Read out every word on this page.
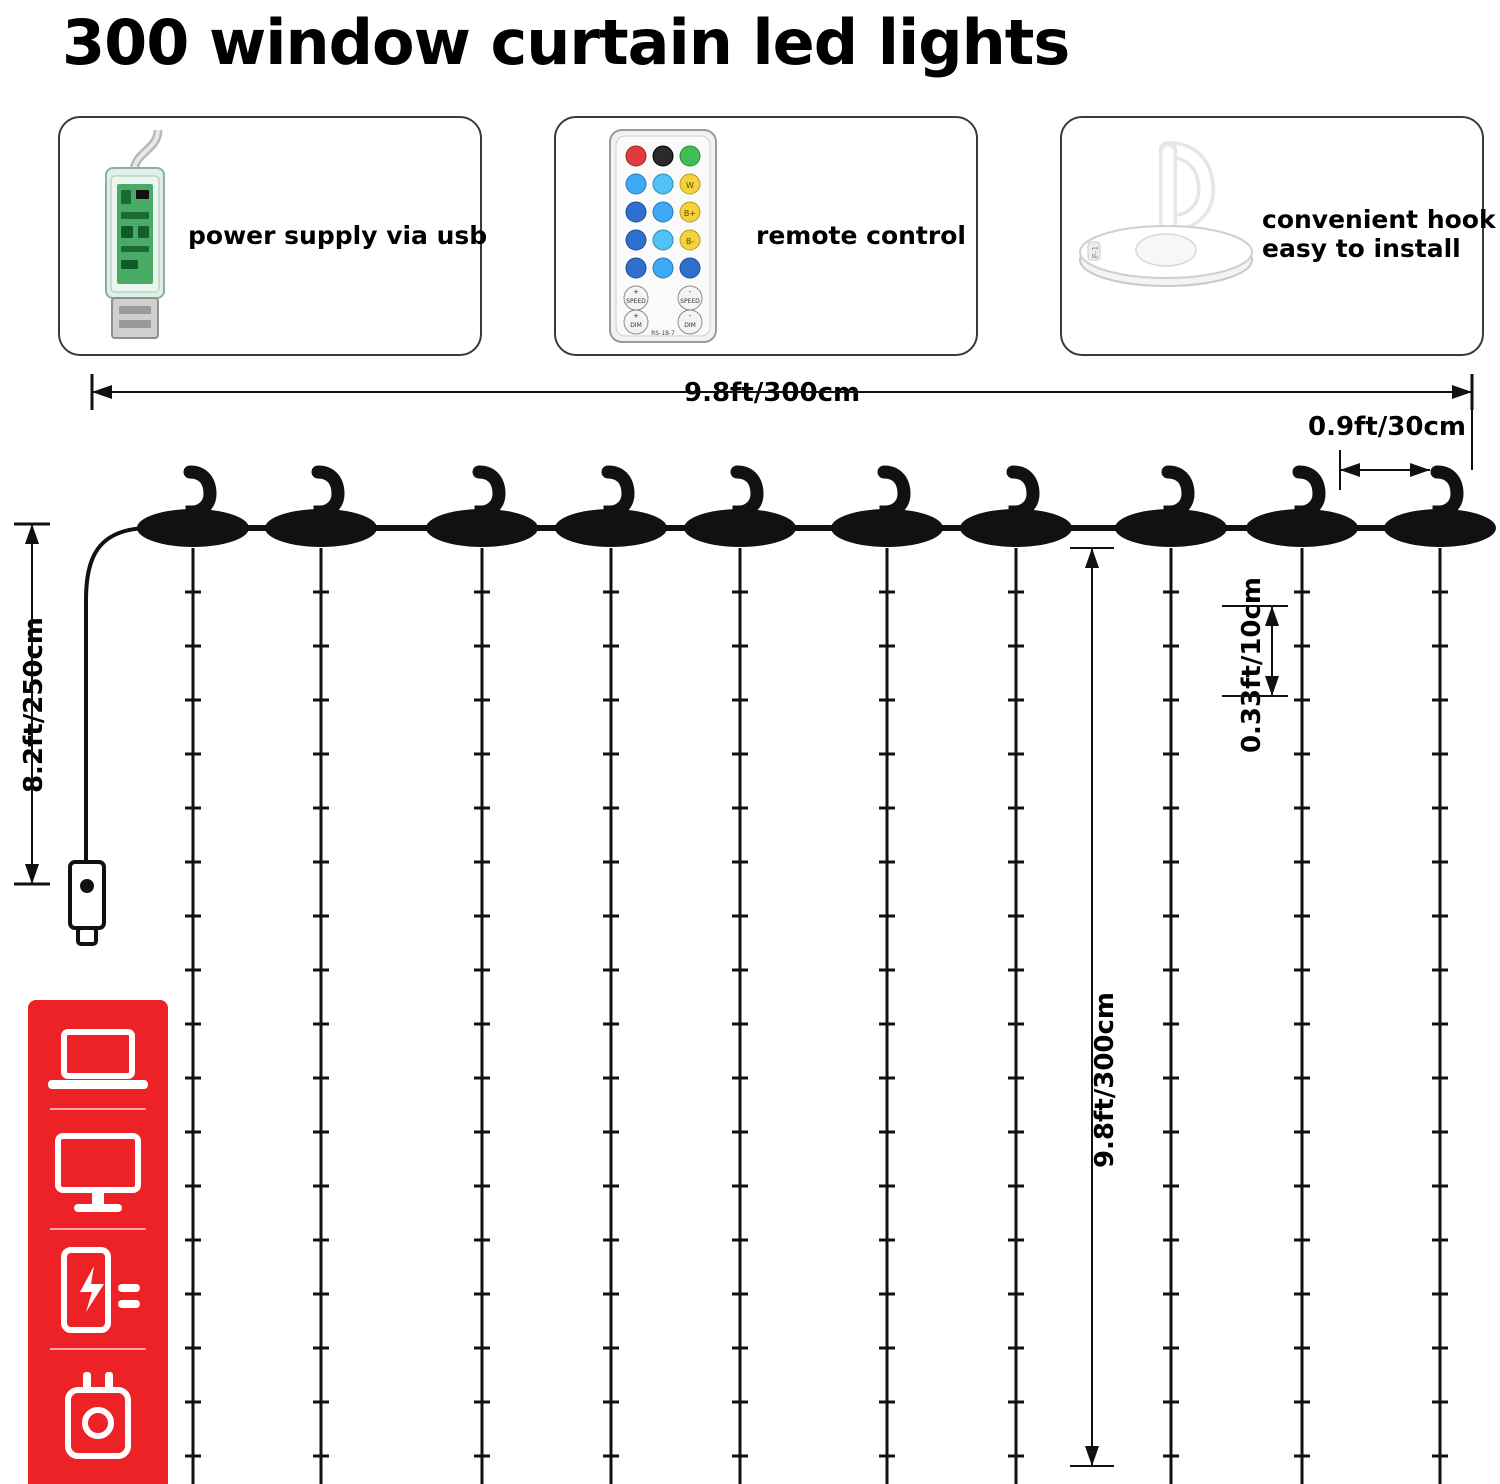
300 window curtain led lights
power supply via usb	remote control
convenient hook
easy to install
W
B+
B-
+
SPEED
-
SPEED
+
DIM
-
DIM
RS-18-7
P-1
9.8ft/300cm
0.9ft/30cm
8.2ft/250cm	0.33ft/10cm
9.8ft/300cm
